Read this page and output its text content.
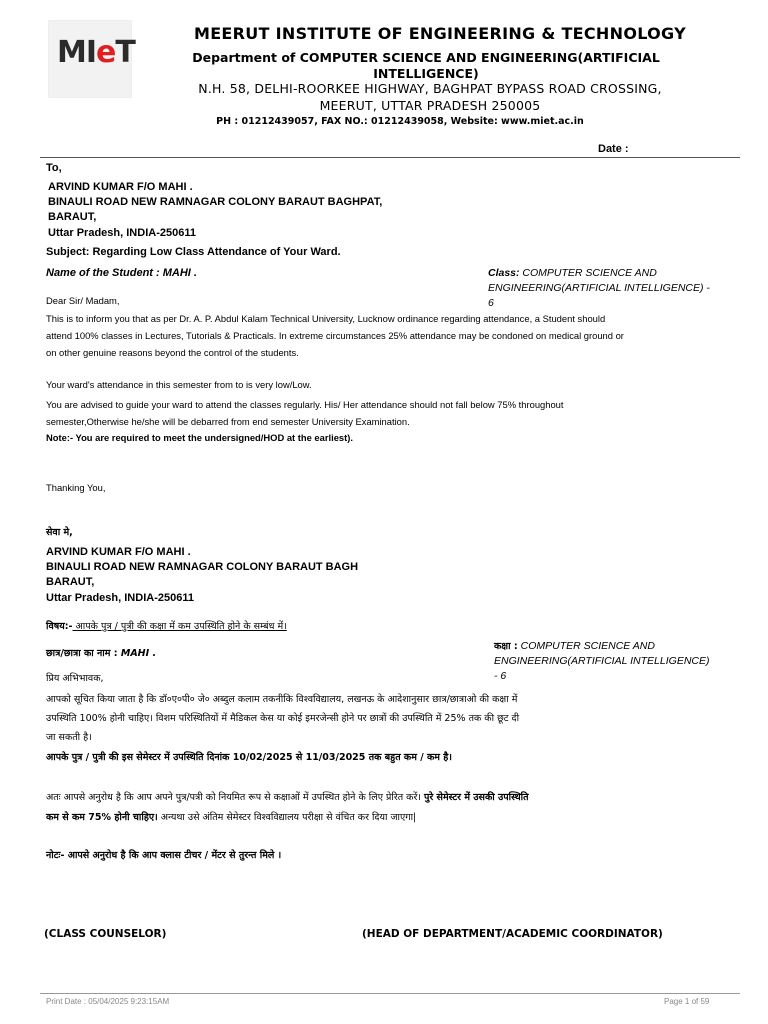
MIeT
MEERUT INSTITUTE OF ENGINEERING & TECHNOLOGY
Department of COMPUTER SCIENCE AND ENGINEERING(ARTIFICIAL INTELLIGENCE)
N.H. 58, DELHI-ROORKEE HIGHWAY, BAGHPAT BYPASS ROAD CROSSING,
MEERUT, UTTAR PRADESH 250005
PH : 01212439057, FAX NO.: 01212439058, Website: www.miet.ac.in
Date :
To,
ARVIND KUMAR F/O MAHI .
BINAULI ROAD NEW RAMNAGAR COLONY BARAUT BAGHPAT,
BARAUT,
Uttar Pradesh, INDIA-250611
Subject: Regarding Low Class Attendance of Your Ward.
Name of the Student : MAHI .	Class: COMPUTER SCIENCE AND
ENGINEERING(ARTIFICIAL INTELLIGENCE) -
6
Dear Sir/ Madam,
This is to inform you that as per Dr. A. P. Abdul Kalam Technical University, Lucknow ordinance regarding attendance, a Student should
attend 100% classes in Lectures, Tutorials & Practicals. In extreme circumstances 25% attendance may be condoned on medical ground or
on other genuine reasons beyond the control of the students.
Your ward's attendance in this semester from to is very low/Low.
You are advised to guide your ward to attend the classes regularly. His/ Her attendance should not fall below 75% throughout
semester,Otherwise he/she will be debarred from end semester University Examination.
Note:- You are required to meet the undersigned/HOD at the earliest).
Thanking You,
सेवा मे,
ARVIND KUMAR F/O MAHI .
BINAULI ROAD NEW RAMNAGAR COLONY BARAUT BAGH
BARAUT,
Uttar Pradesh, INDIA-250611
विषय:- आपके पुत्र / पुत्री की कक्षा में कम उपस्थिति होने के सम्बंध में।
छात्र/छात्रा का नाम : MAHI .
कक्षा : COMPUTER SCIENCE AND
ENGINEERING(ARTIFICIAL INTELLIGENCE)
- 6
प्रिय अभिभावक,
आपको सूचित किया जाता है कि डॉ०ए०पी० जे० अब्दुल कलाम तकनीकि विश्वविद्यालय, लखनऊ के आदेशानुसार छात्र/छात्राओ की कक्षा में
उपस्थिति 100% होनी चाहिए। विशम परिस्थितियों में मैडिकल केस या कोई इमरजेन्सी होने पर छात्रों की उपस्थिति में 25% तक की छूट दी
जा सकती है।
आपके पुत्र / पुत्री की इस सेमेस्टर में उपस्थिति दिनांक 10/02/2025 से 11/03/2025 तक बहुत कम / कम है।
अतः आपसे अनुरोध है कि आप अपने पुत्र/पत्री को नियमित रूप से कक्षाओं में उपस्थित होने के लिए प्रेरित करें। पुरे सेमेस्टर में उसकी उपस्थिति
कम से कम 75% होनी चाहिए। अन्यथा उसे अंतिम सेमेस्टर विश्वविद्यालय परीक्षा से वंचित कर दिया जाएगा|
नोटः- आपसे अनुरोध है कि आप क्लास टीचर / मेंटर से तुरन्त मिले ।
(CLASS COUNSELOR)	(HEAD OF DEPARTMENT/ACADEMIC COORDINATOR)
Print Date : 05/04/2025 9:23:15AM	Page 1 of 59
